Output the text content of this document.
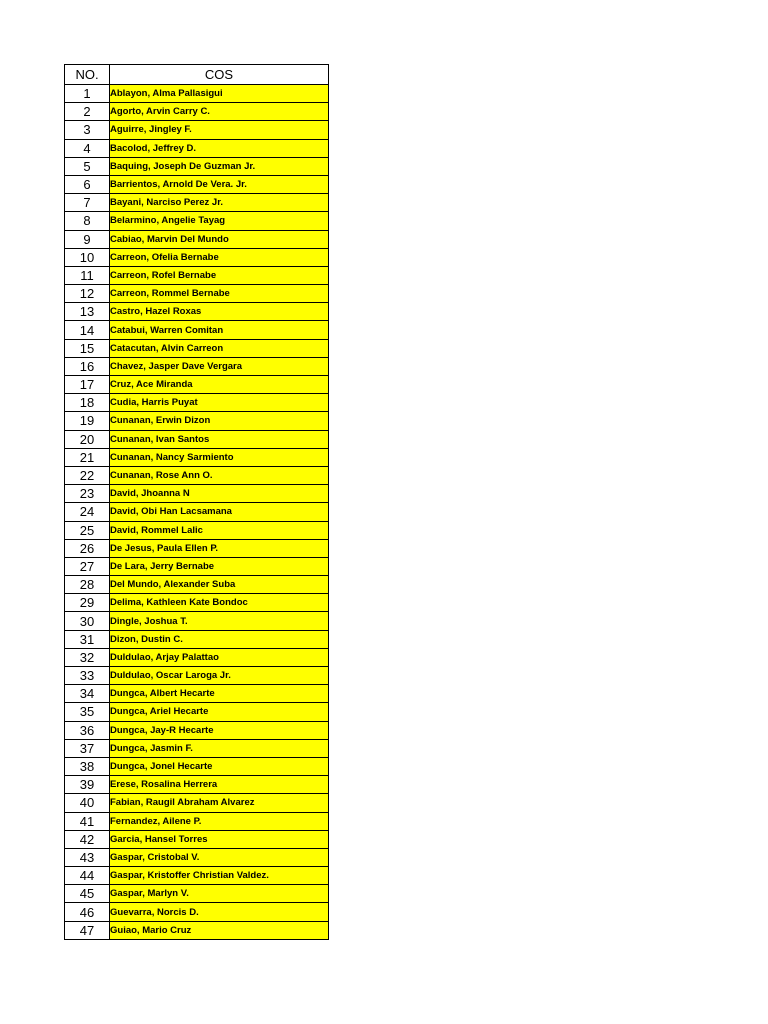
NO.	COS
1	Ablayon, Alma Pallasigui
2	Agorto, Arvin Carry C.
3	Aguirre, Jingley F.
4	Bacolod, Jeffrey D.
5	Baquing, Joseph De Guzman Jr.
6	Barrientos, Arnold De Vera. Jr.
7	Bayani, Narciso Perez Jr.
8	Belarmino, Angelie Tayag
9	Cabiao, Marvin Del Mundo
10	Carreon, Ofelia Bernabe
11	Carreon, Rofel Bernabe
12	Carreon, Rommel Bernabe
13	Castro, Hazel Roxas
14	Catabui, Warren Comitan
15	Catacutan, Alvin Carreon
16	Chavez, Jasper Dave Vergara
17	Cruz, Ace Miranda
18	Cudia, Harris Puyat
19	Cunanan, Erwin Dizon
20	Cunanan, Ivan Santos
21	Cunanan, Nancy Sarmiento
22	Cunanan, Rose Ann O.
23	David, Jhoanna N
24	David, Obi Han Lacsamana
25	David, Rommel Lalic
26	De Jesus, Paula Ellen P.
27	De Lara, Jerry Bernabe
28	Del Mundo, Alexander Suba
29	Delima, Kathleen Kate Bondoc
30	Dingle, Joshua T.
31	Dizon, Dustin C.
32	Duldulao, Arjay Palattao
33	Duldulao, Oscar Laroga Jr.
34	Dungca, Albert Hecarte
35	Dungca, Ariel Hecarte
36	Dungca, Jay-R Hecarte
37	Dungca, Jasmin F.
38	Dungca, Jonel Hecarte
39	Erese, Rosalina Herrera
40	Fabian, Raugil Abraham Alvarez
41	Fernandez, Ailene P.
42	Garcia, Hansel Torres
43	Gaspar, Cristobal V.
44	Gaspar, Kristoffer Christian Valdez.
45	Gaspar, Marlyn V.
46	Guevarra, Norcis D.
47	Guiao, Mario Cruz
